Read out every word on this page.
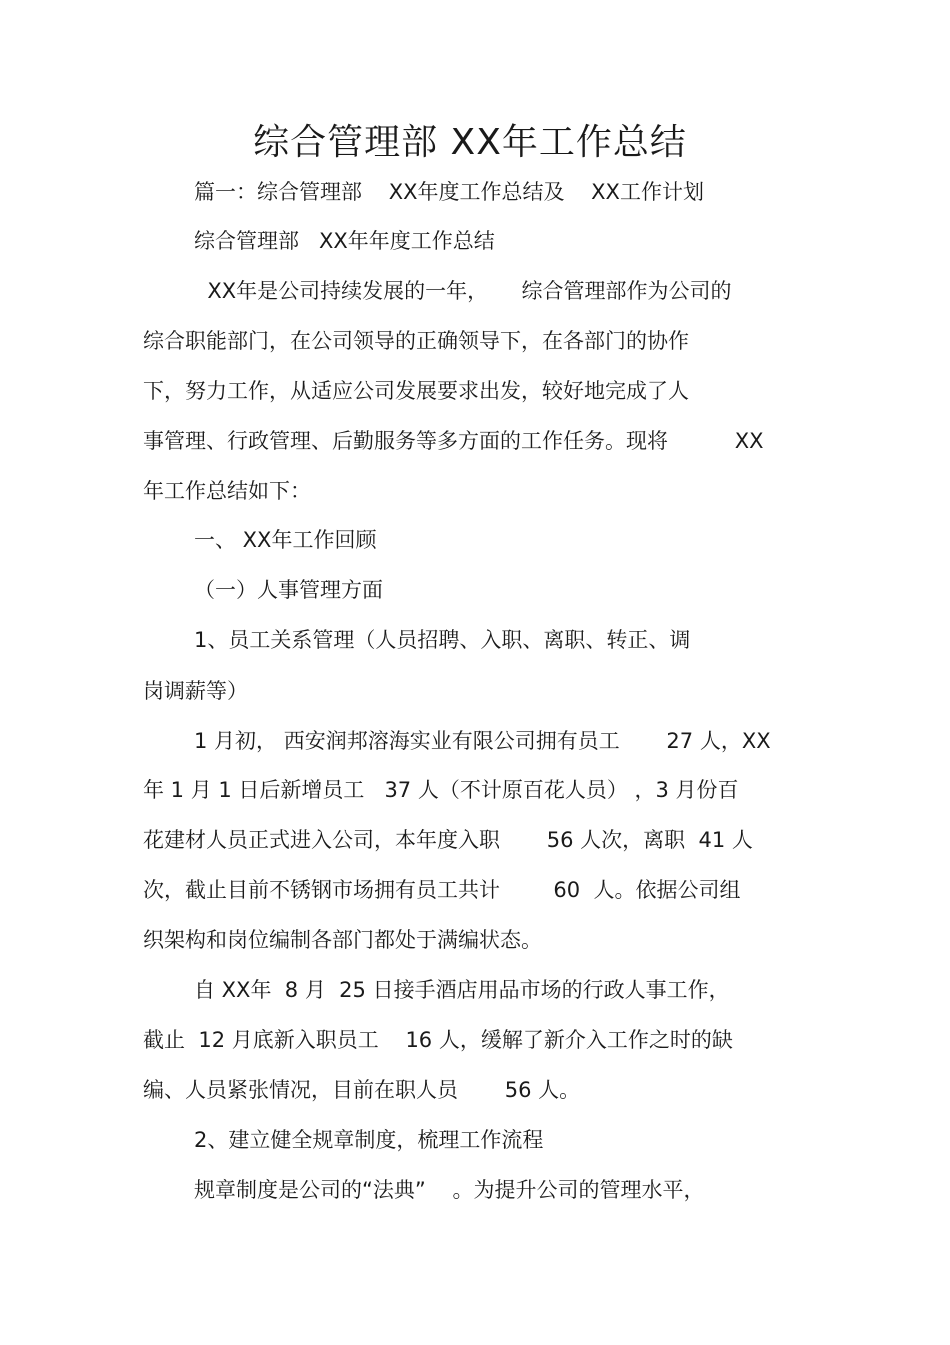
综合管理部 XX年工作总结
篇一：综合管理部    XX年度工作总结及    XX工作计划
综合管理部   XX年年度工作总结
XX年是公司持续发展的一年，     综合管理部作为公司的
综合职能部门，在公司领导的正确领导下，在各部门的协作
下，努力工作，从适应公司发展要求出发，较好地完成了人
事管理、行政管理、后勤服务等多方面的工作任务。现将          XX
年工作总结如下：
一、 XX年工作回顾
（一）人事管理方面
1、员工关系管理（人员招聘、入职、离职、转正、调
岗调薪等）
1 月初， 西安润邦溶海实业有限公司拥有员工       27 人，XX
年 1 月 1 日后新增员工   37 人（不计原百花人员） ，3 月份百
花建材人员正式进入公司，本年度入职       56 人次，离职  41 人
次，截止目前不锈钢市场拥有员工共计        60  人。依据公司组
织架构和岗位编制各部门都处于满编状态。
自 XX年  8 月  25 日接手酒店用品市场的行政人事工作，
截止  12 月底新入职员工    16 人，缓解了新介入工作之时的缺
编、人员紧张情况，目前在职人员       56 人。
2、建立健全规章制度，梳理工作流程
规章制度是公司的“法典”    。为提升公司的管理水平，
